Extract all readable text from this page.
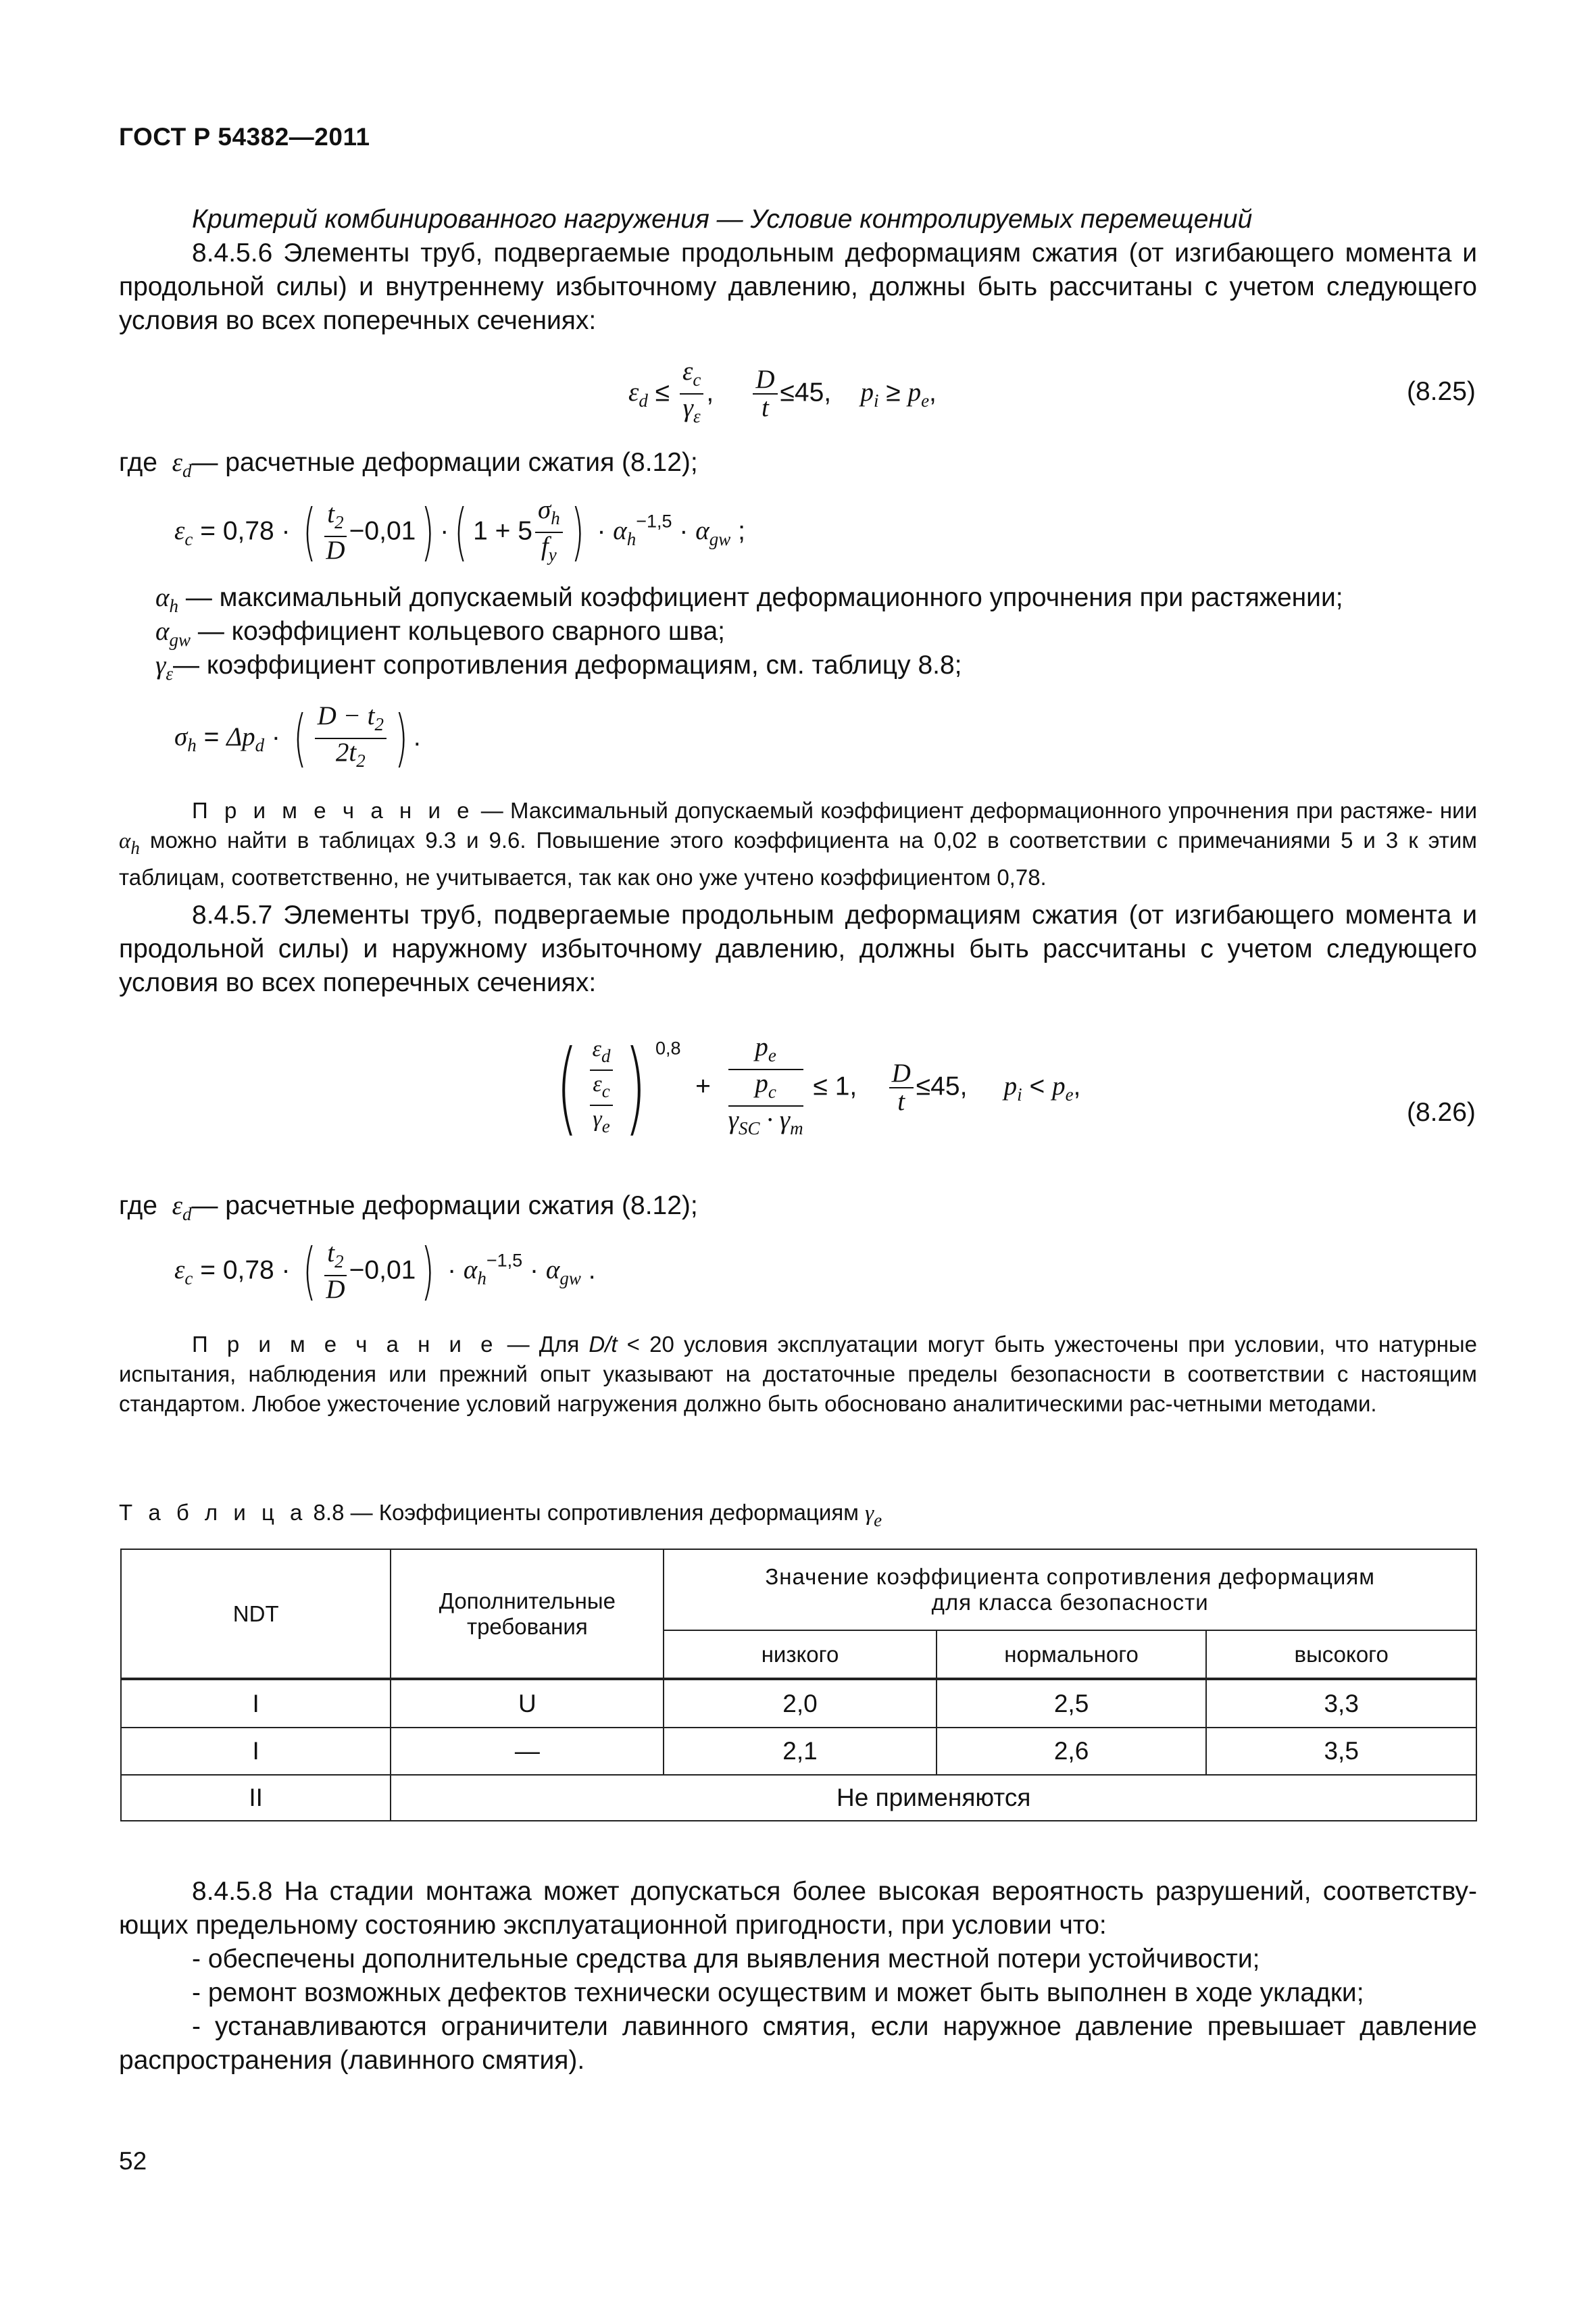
ГОСТ Р 54382—2011
Критерий комбинированного нагружения — Условие контролируемых перемещений
8.4.5.6 Элементы труб, подвергаемые продольным деформациям сжатия (от изгибающего момента и продольной силы) и внутреннему избыточному давлению, должны быть рассчитаны с учетом следующего условия во всех поперечных сечениях:
$\varepsilon_d \le \frac{\varepsilon_c}{\gamma_\varepsilon}$ , $\frac{D}{t} \le 45$, $p_i \ge p_e$,	(8.25)
где $\varepsilon_d—$ расчетные деформации сжатия (8.12);
$\varepsilon_c = 0,78$ · ( $\frac{t_2}{D} -0,01$) ·( $1 + 5 \frac{\sigma_h}{f_y}$ ) · $\alpha_h^{-1,5} \cdot \alpha_{gw}$ ;
$\alpha_h$ — максимальный допускаемый коэффициент деформационного упрочнения при растяжении;
$\alpha_{gw}$ — коэффициент кольцевого сварного шва;
$\gamma_\varepsilon—$ коэффициент сопротивления деформациям, см. таблицу 8.8;
$\sigma_h = \Delta p_d$ · ( $\frac{D - t_2}{2t_2}$ ) .
П р и м е ч а н и е — Максимальный допускаемый коэффициент деформационного упрочнения при растяже- нии $\alpha_h$ можно найти в таблицах 9.3 и 9.6. Повышение этого коэффициента на 0,02 в соответствии с примечаниями 5 и 3 к этим таблицам, соответственно, не учитывается, так как оно уже учтено коэффициентом 0,78.
8.4.5.7 Элементы труб, подвергаемые продольным деформациям сжатия (от изгибающего момента и продольной силы) и наружному избыточному давлению, должны быть рассчитаны с учетом следующего условия во всех поперечных сечениях:
( $\varepsilon_d$
$\varepsilon_c$
$\gamma_e$ ) $^{0,8} + p_e$
$p_c$
$\gamma_{SC} \cdot \gamma_m \le 1$, $\frac{D}{t} \le 45$, $p_i < p_e$,
(8.26)
где $\varepsilon_d—$ расчетные деформации сжатия (8.12);
$\varepsilon_c = 0,78$ · ( $\frac{t_2}{D} -0,01) \cdot \alpha_h^{-1,5} \cdot \alpha_{gw}$ .
П р и м е ч а н и е — Для D/t < 20 условия эксплуатации могут быть ужесточены при условии, что натурные испытания, наблюдения или прежний опыт указывают на достаточные пределы безопасности в соответствии с настоящим стандартом. Любое ужесточение условий нагружения должно быть обосновано аналитическими рас-четными методами.
Т а б л и ц а 8.8 — Коэффициенты сопротивления деформациям $\gamma_e$
NDT	Дополнительные требования	Значение коэффициента сопротивления деформациям для класса безопасности		
		низкого	нормального	высокого
I	U	2,0	2,5	3,3
I	—	2,1	2,6	3,5
II	Не применяются			
8.4.5.8 На стадии монтажа может допускаться более высокая вероятность разрушений, соответству-ющих предельному состоянию эксплуатационной пригодности, при условии что:
- обеспечены дополнительные средства для выявления местной потери устойчивости;
- ремонт возможных дефектов технически осуществим и может быть выполнен в ходе укладки;
- устанавливаются ограничители лавинного смятия, если наружное давление превышает давление распространения (лавинного смятия).
52
